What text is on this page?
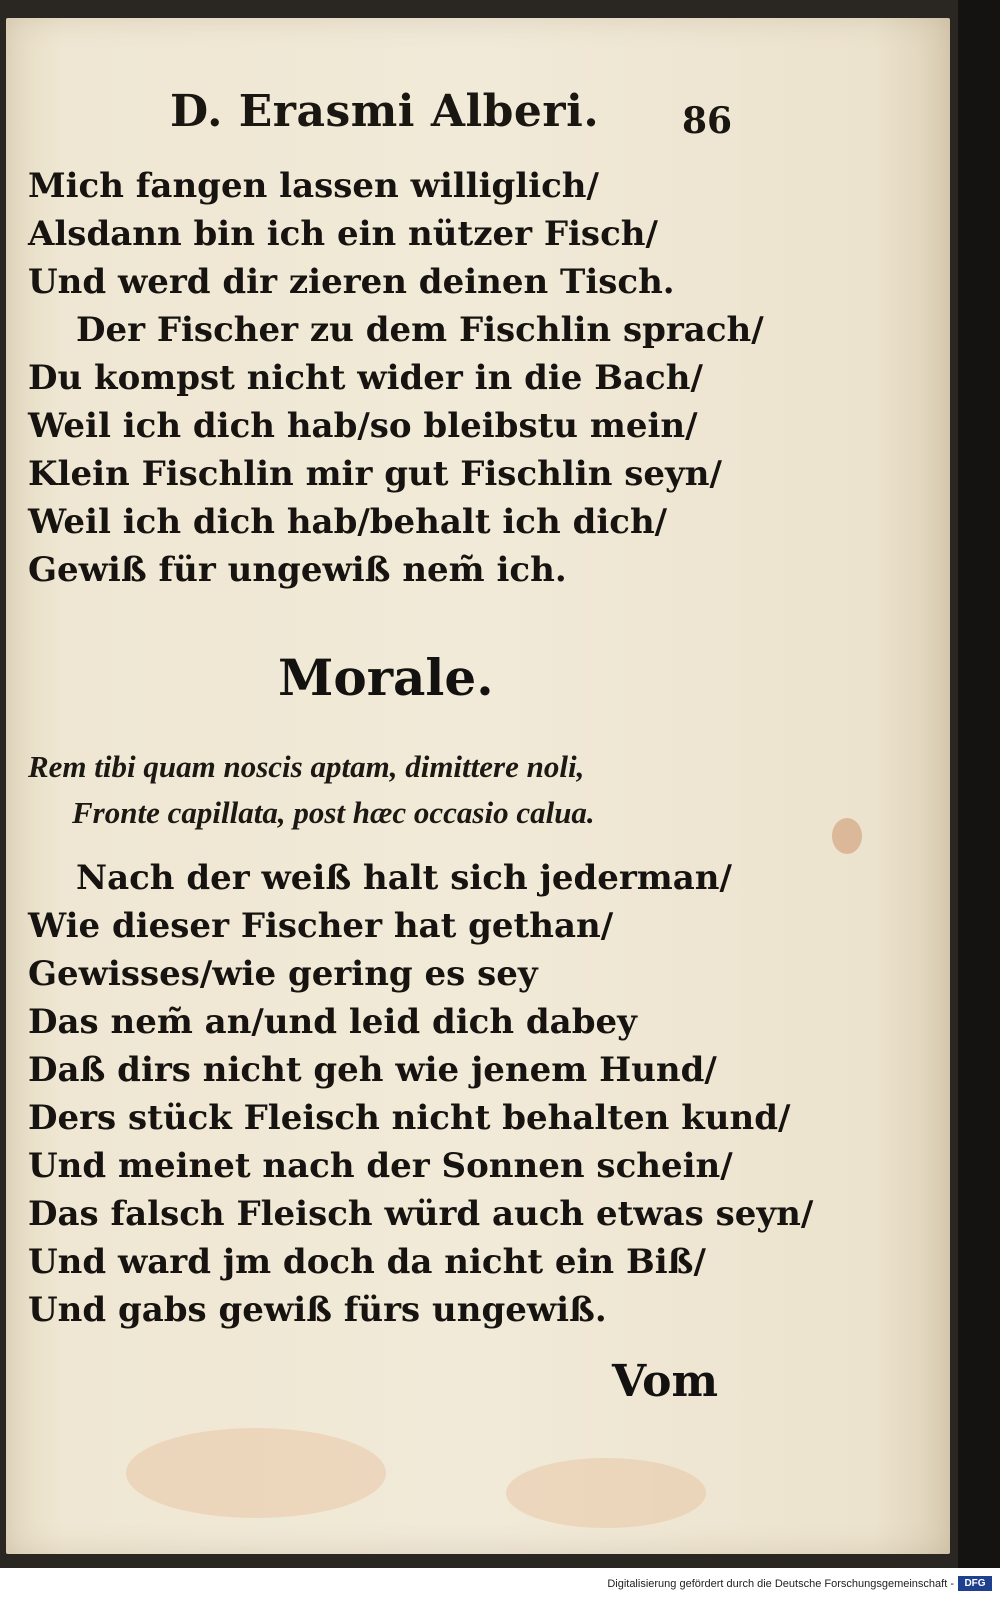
D. Erasmi Alberi. 86
Mich fangen lassen williglich/
Alsdann bin ich ein nützer Fisch/
Und werd dir zieren deinen Tisch.
Der Fischer zu dem Fischlin sprach/
Du kompst nicht wider in die Bach/
Weil ich dich hab/so bleibstu mein/
Klein Fischlin mir gut Fischlin seyn/
Weil ich dich hab/behalt ich dich/
Gewiß für ungewiß nem̃ ich.
Morale.
Rem tibi quam noscis aptam, dimittere noli,
Fronte capillata, post hæc occasio calua.
Nach der weiß halt sich jederman/
Wie dieser Fischer hat gethan/
Gewisses/wie gering es sey
Das nem̃ an/und leid dich dabey
Daß dirs nicht geh wie jenem Hund/
Ders stück Fleisch nicht behalten kund/
Und meinet nach der Sonnen schein/
Das falsch Fleisch würd auch etwas seyn/
Und ward jm doch da nicht ein Biß/
Und gabs gewiß fürs ungewiß.
Vom
Digitalisierung gefördert durch die Deutsche Forschungsgemeinschaft -	DFG
